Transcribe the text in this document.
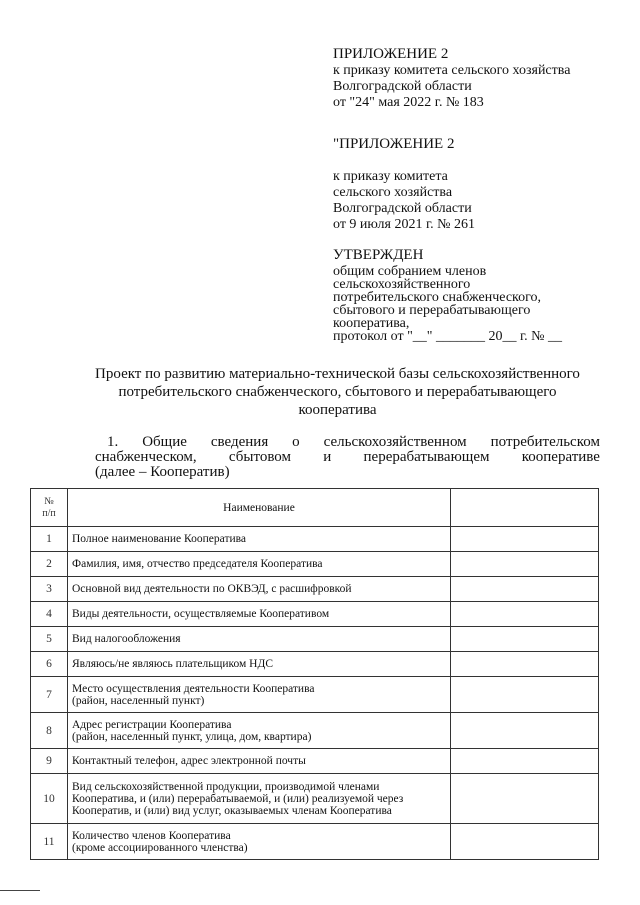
ПРИЛОЖЕНИЕ 2
к приказу комитета сельского хозяйства
Волгоградской области
от "24" мая 2022 г. № 183
"ПРИЛОЖЕНИЕ 2
к приказу комитета
сельского хозяйства
Волгоградской области
от 9 июля 2021 г. № 261
УТВЕРЖДЕН
общим собранием членов
сельскохозяйственного
потребительского снабженческого,
сбытового и перерабатывающего
кооператива,
протокол от "__" _______ 20__ г. № __
Проект по развитию материально-технической базы сельскохозяйственного
потребительского снабженческого, сбытового и перерабатывающего
кооператива
1. Общие сведения о сельскохозяйственном потребительском
снабженческом, сбытовом и перерабатывающем кооперативе
(далее – Кооператив)
№
п/п	Наименование	
1	Полное наименование Кооператива	

2	Фамилия, имя, отчество председателя Кооператива	

3	Основной вид деятельности по ОКВЭД, с расшифровкой	

4	Виды деятельности, осуществляемые Кооперативом	

5	Вид налогообложения	

6	Являюсь/не являюсь плательщиком НДС	

7	Место осуществления деятельности Кооператива
(район, населенный пункт)	

8	Адрес регистрации Кооператива
(район, населенный пункт, улица, дом, квартира)	

9	Контактный телефон, адрес электронной почты	

10	Вид сельскохозяйственной продукции, производимой членами
Кооператива, и (или) перерабатываемой, и (или) реализуемой через
Кооператив, и (или) вид услуг, оказываемых членам Кооператива	

11	Количество членов Кооператива
(кроме ассоциированного членства)	
